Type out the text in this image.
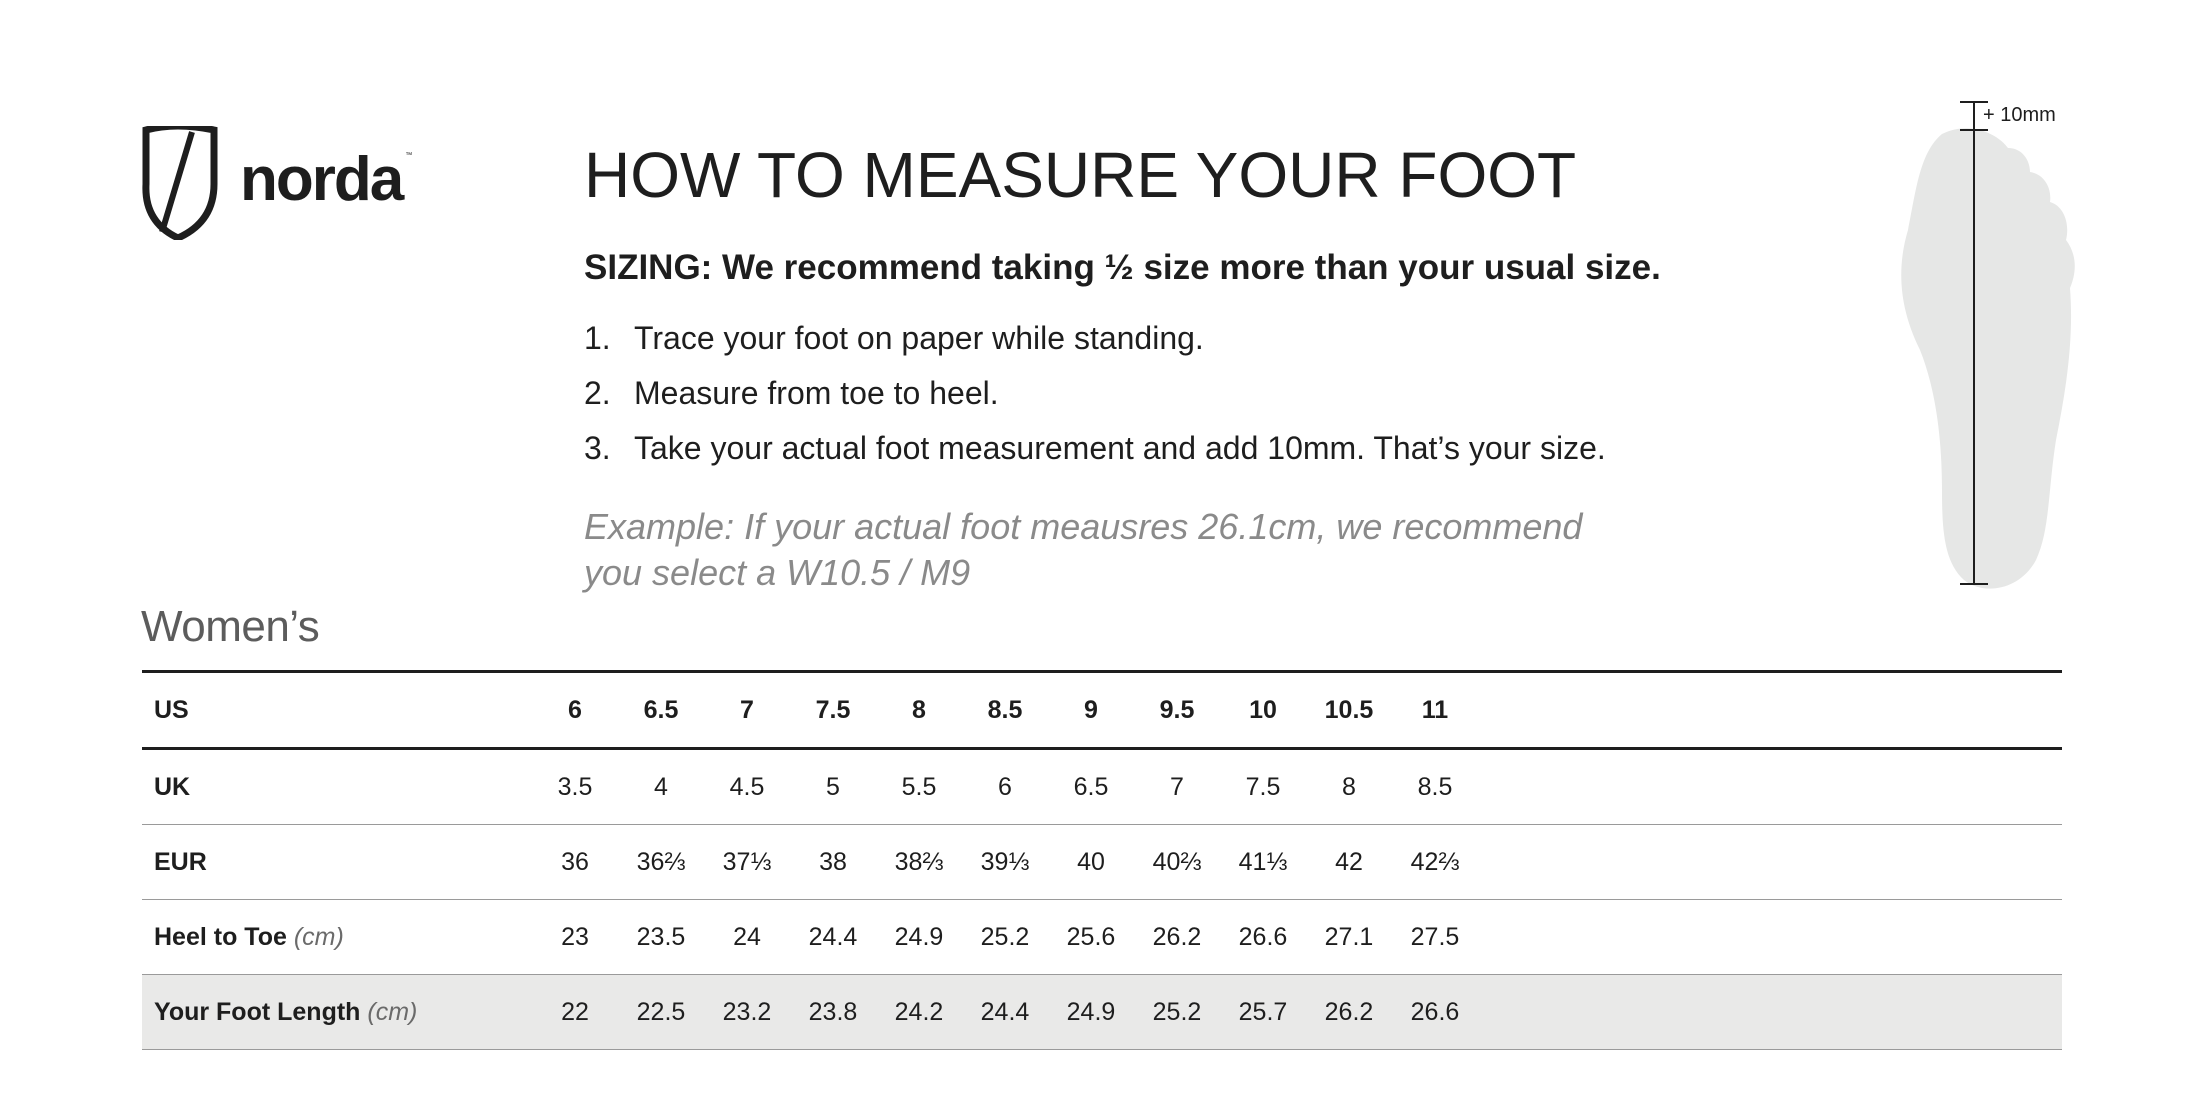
norda ™	HOW TO MEASURE YOUR FOOT

SIZING: We recommend taking ½ size more than your usual size.

1. Trace your foot on paper while standing.
2. Measure from toe to heel.
3. Take your actual foot measurement and add 10mm. That’s your size.

Example: If your actual foot meausres 26.1cm, we recommend
you select a W10.5 / M9

+ 10mm
Women’s
US	6	6.5	7	7.5	8	8.5	9	9.5	10	10.5	11	
UK	3.5	4	4.5	5	5.5	6	6.5	7	7.5	8	8.5	
EUR	36	36⅔	37⅓	38	38⅔	39⅓	40	40⅔	41⅓	42	42⅔	
Heel to Toe (cm)	23	23.5	24	24.4	24.9	25.2	25.6	26.2	26.6	27.1	27.5	
Your Foot Length (cm)	22	22.5	23.2	23.8	24.2	24.4	24.9	25.2	25.7	26.2	26.6	
